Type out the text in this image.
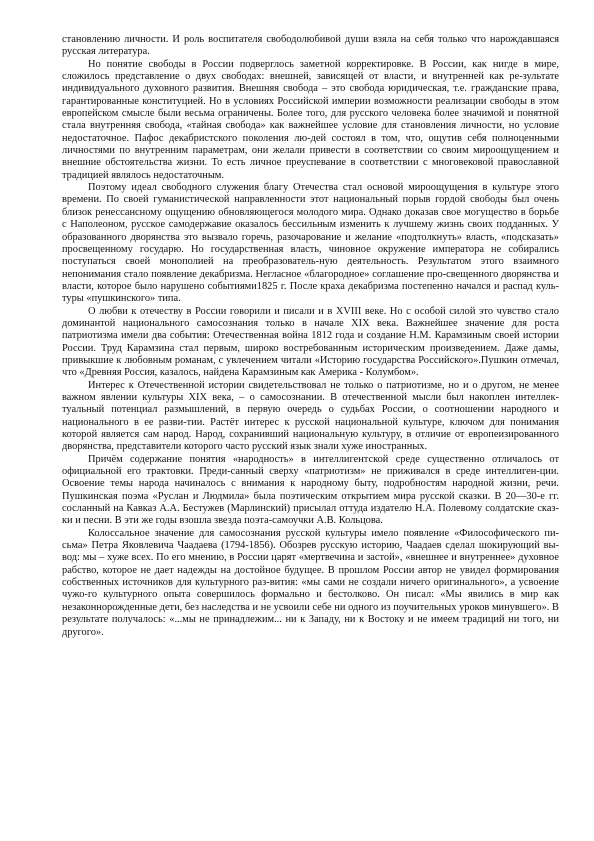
становлению личности. И роль воспитателя свободолюбивой души взяла на себя только что нарождавшаяся русская литература.

Но понятие свободы в России подверглось заметной корректировке. В России, как нигде в мире, сложилось представление о двух свободах: внешней, зависящей от власти, и внутренней как ре-зультате индивидуального духовного развития. Внешняя свобода – это свобода юридическая, т.е. гражданские права, гарантированные конституцией. Но в условиях Российской империи возможности реализации свободы в этом европейском смысле были весьма ограничены. Более того, для русского человека более значимой и понятной стала внутренняя свобода, «тайная свобода» как важнейшее условие для становления личности, но условие недостаточное. Пафос декабристского поколения лю-дей состоял в том, что, ощутив себя полноценными личностями по внутренним параметрам, они желали привести в соответствии со своим мироощущением и внешние обстоятельства жизни. То есть личное преуспевание в соответствии с многовековой православной традицией являлось недостаточным.

Поэтому идеал свободного служения благу Отечества стал основой мироощущения в культуре этого времени. По своей гуманистической направленности этот национальный порыв гордой свободы был очень близок ренессансному ощущению обновляющегося молодого мира. Однако доказав свое могущество в борьбе с Наполеоном, русское самодержавие оказалось бессильным изменить к лучшему жизнь своих подданных. У образованного дворянства это вызвало горечь, разочарование и желание «подтолкнуть» власть, «подсказать» просвещенному государю. Но государственная власть, чиновное окружение императора не собирались поступаться своей монополией на преобразователь-ную деятельность. Результатом этого взаимного непонимания стало появление декабризма. Негласное «благородное» соглашение про-свещенного дворянства и власти, которое было нарушено событиями1825 г. После краха декабризма постепенно начался и распад куль-туры «пушкинского» типа.

О любви к отечеству в России говорили и писали и в XVIII веке. Но с особой силой это чувство стало доминантой национального самосознания только в начале XIX века. Важнейшее значение для роста патриотизма имели два события: Отечественная война 1812 года и создание Н.М. Карамзиным своей истории России. Труд Карамзина стал первым, широко востребованным историческим произведением. Даже дамы, привыкшие к любовным романам, с увлечением читали «Историю государства Российского».Пушкин отмечал, что «Древняя Россия, казалось, найдена Карамзиным как Америка - Колумбом».

Интерес к Отечественной истории свидетельствовал не только о патриотизме, но и о другом, не менее важном явлении культуры XIX века, – о самосознании. В отечественной мысли был накоплен интеллек-туальный потенциал размышлений, в первую очередь о судьбах России, о соотношении народного и национального в ее разви-тии. Растёт интерес к русской национальной культуре, ключом для понимания которой является сам народ. Народ, сохранивший национальную культуру, в отличие от европеизированного дворянства, представители которого часто русский язык знали хуже иностранных.

Причём содержание понятия «народность» в интеллигентской среде существенно отличалось от официальной его трактовки. Преди-санный сверху «патриотизм» не приживался в среде интеллиген-ции. Освоение темы народа начиналось с внимания к народному быту, подробностям народной жизни, речи. Пушкинская поэма «Руслан и Людмила» была поэтическим открытием мира русской сказки. В 20—30-е гг. сосланный на Кавказ А.А. Бестужев (Марлинский) присылал оттуда издателю Н.А. Полевому солдатские сказ-ки и песни. В эти же годы взошла звезда поэта-самоучки А.В. Кольцова.

Колоссальное значение для самосознания русской культуры имело появление «Философического пи-сьма» Петра Яковлевича Чаадаева (1794-1856). Обозрев русскую историю, Чаадаев сделал шокирующий вы-вод: мы – хуже всех. По его мнению, в России царят «мертвечина и застой», «внешнее и внутреннее» духовное рабство, которое не дает надежды на достойное будущее. В прошлом России автор не увидел формирования собственных источников для культурного раз-вития: «мы сами не создали ничего оригинального», а усвоение чужо-го культурного опыта совершилось формально и бестолково. Он писал: «Мы явились в мир как незаконнорожденные дети, без наследства и не усвоили себе ни одного из поучительных уроков минувшего». В результате получалось: «...мы не принадлежим... ни к Западу, ни к Востоку и не имеем традиций ни того, ни другого».
